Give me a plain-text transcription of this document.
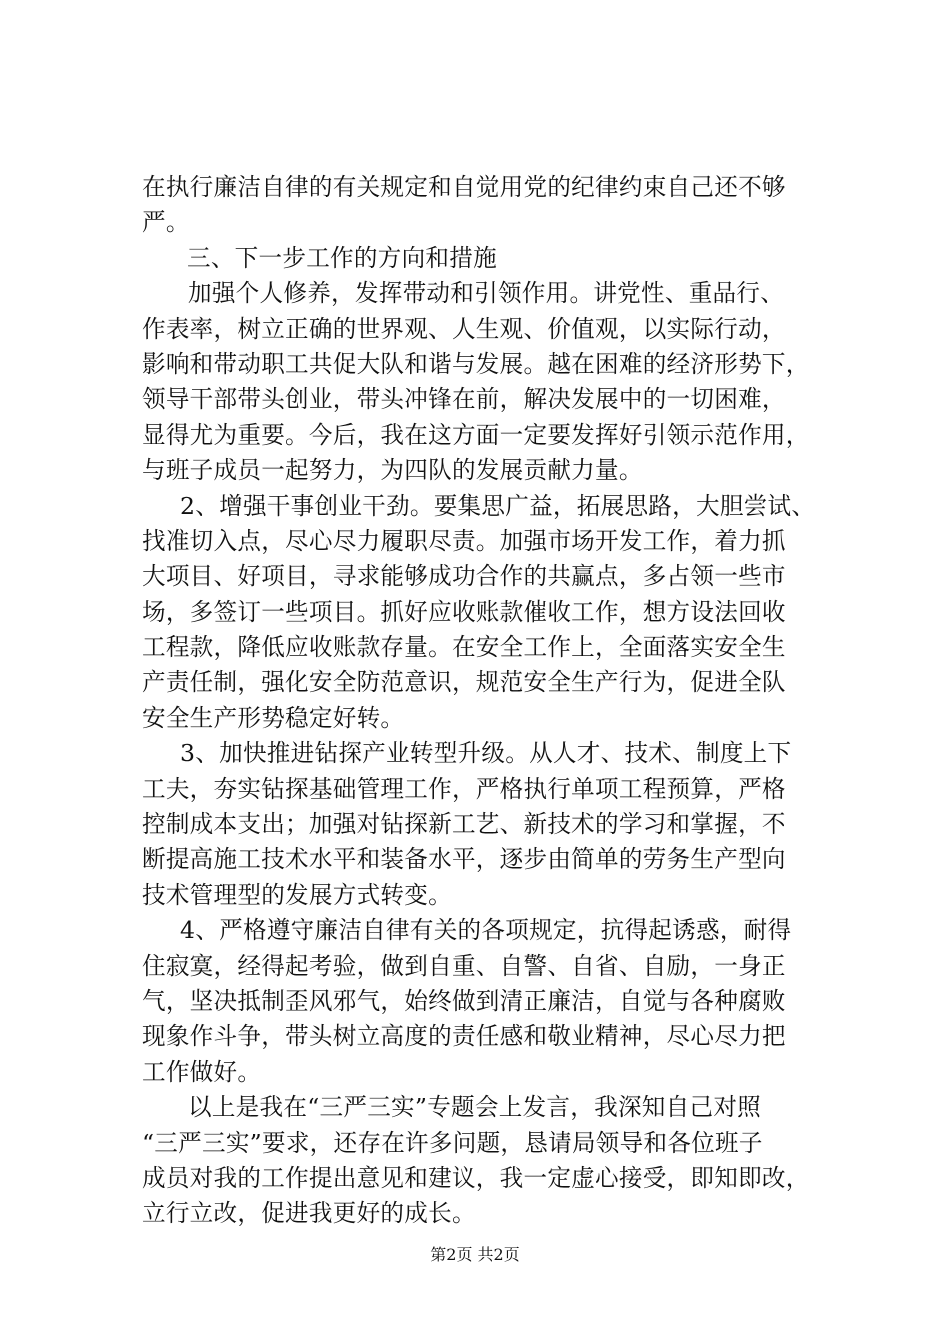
在执行廉洁自律的有关规定和自觉用党的纪律约束自己还不够
严。
三、下一步工作的方向和措施
加强个人修养，发挥带动和引领作用。讲党性、重品行、
作表率，树立正确的世界观、人生观、价值观，以实际行动，
影响和带动职工共促大队和谐与发展。越在困难的经济形势下，
领导干部带头创业，带头冲锋在前，解决发展中的一切困难，
显得尤为重要。今后，我在这方面一定要发挥好引领示范作用，
与班子成员一起努力，为四队的发展贡献力量。
2、增强干事创业干劲。要集思广益，拓展思路，大胆尝试、
找准切入点，尽心尽力履职尽责。加强市场开发工作，着力抓
大项目、好项目，寻求能够成功合作的共赢点，多占领一些市
场，多签订一些项目。抓好应收账款催收工作，想方设法回收
工程款，降低应收账款存量。在安全工作上，全面落实安全生
产责任制，强化安全防范意识，规范安全生产行为，促进全队
安全生产形势稳定好转。
3、加快推进钻探产业转型升级。从人才、技术、制度上下
工夫，夯实钻探基础管理工作，严格执行单项工程预算，严格
控制成本支出；加强对钻探新工艺、新技术的学习和掌握，不
断提高施工技术水平和装备水平，逐步由简单的劳务生产型向
技术管理型的发展方式转变。
4、严格遵守廉洁自律有关的各项规定，抗得起诱惑，耐得
住寂寞，经得起考验，做到自重、自警、自省、自励，一身正
气，坚决抵制歪风邪气，始终做到清正廉洁，自觉与各种腐败
现象作斗争，带头树立高度的责任感和敬业精神，尽心尽力把
工作做好。
以上是我在“三严三实”专题会上发言，我深知自己对照
“三严三实”要求，还存在许多问题，恳请局领导和各位班子
成员对我的工作提出意见和建议，我一定虚心接受，即知即改，
立行立改，促进我更好的成长。
第2页 共2页
